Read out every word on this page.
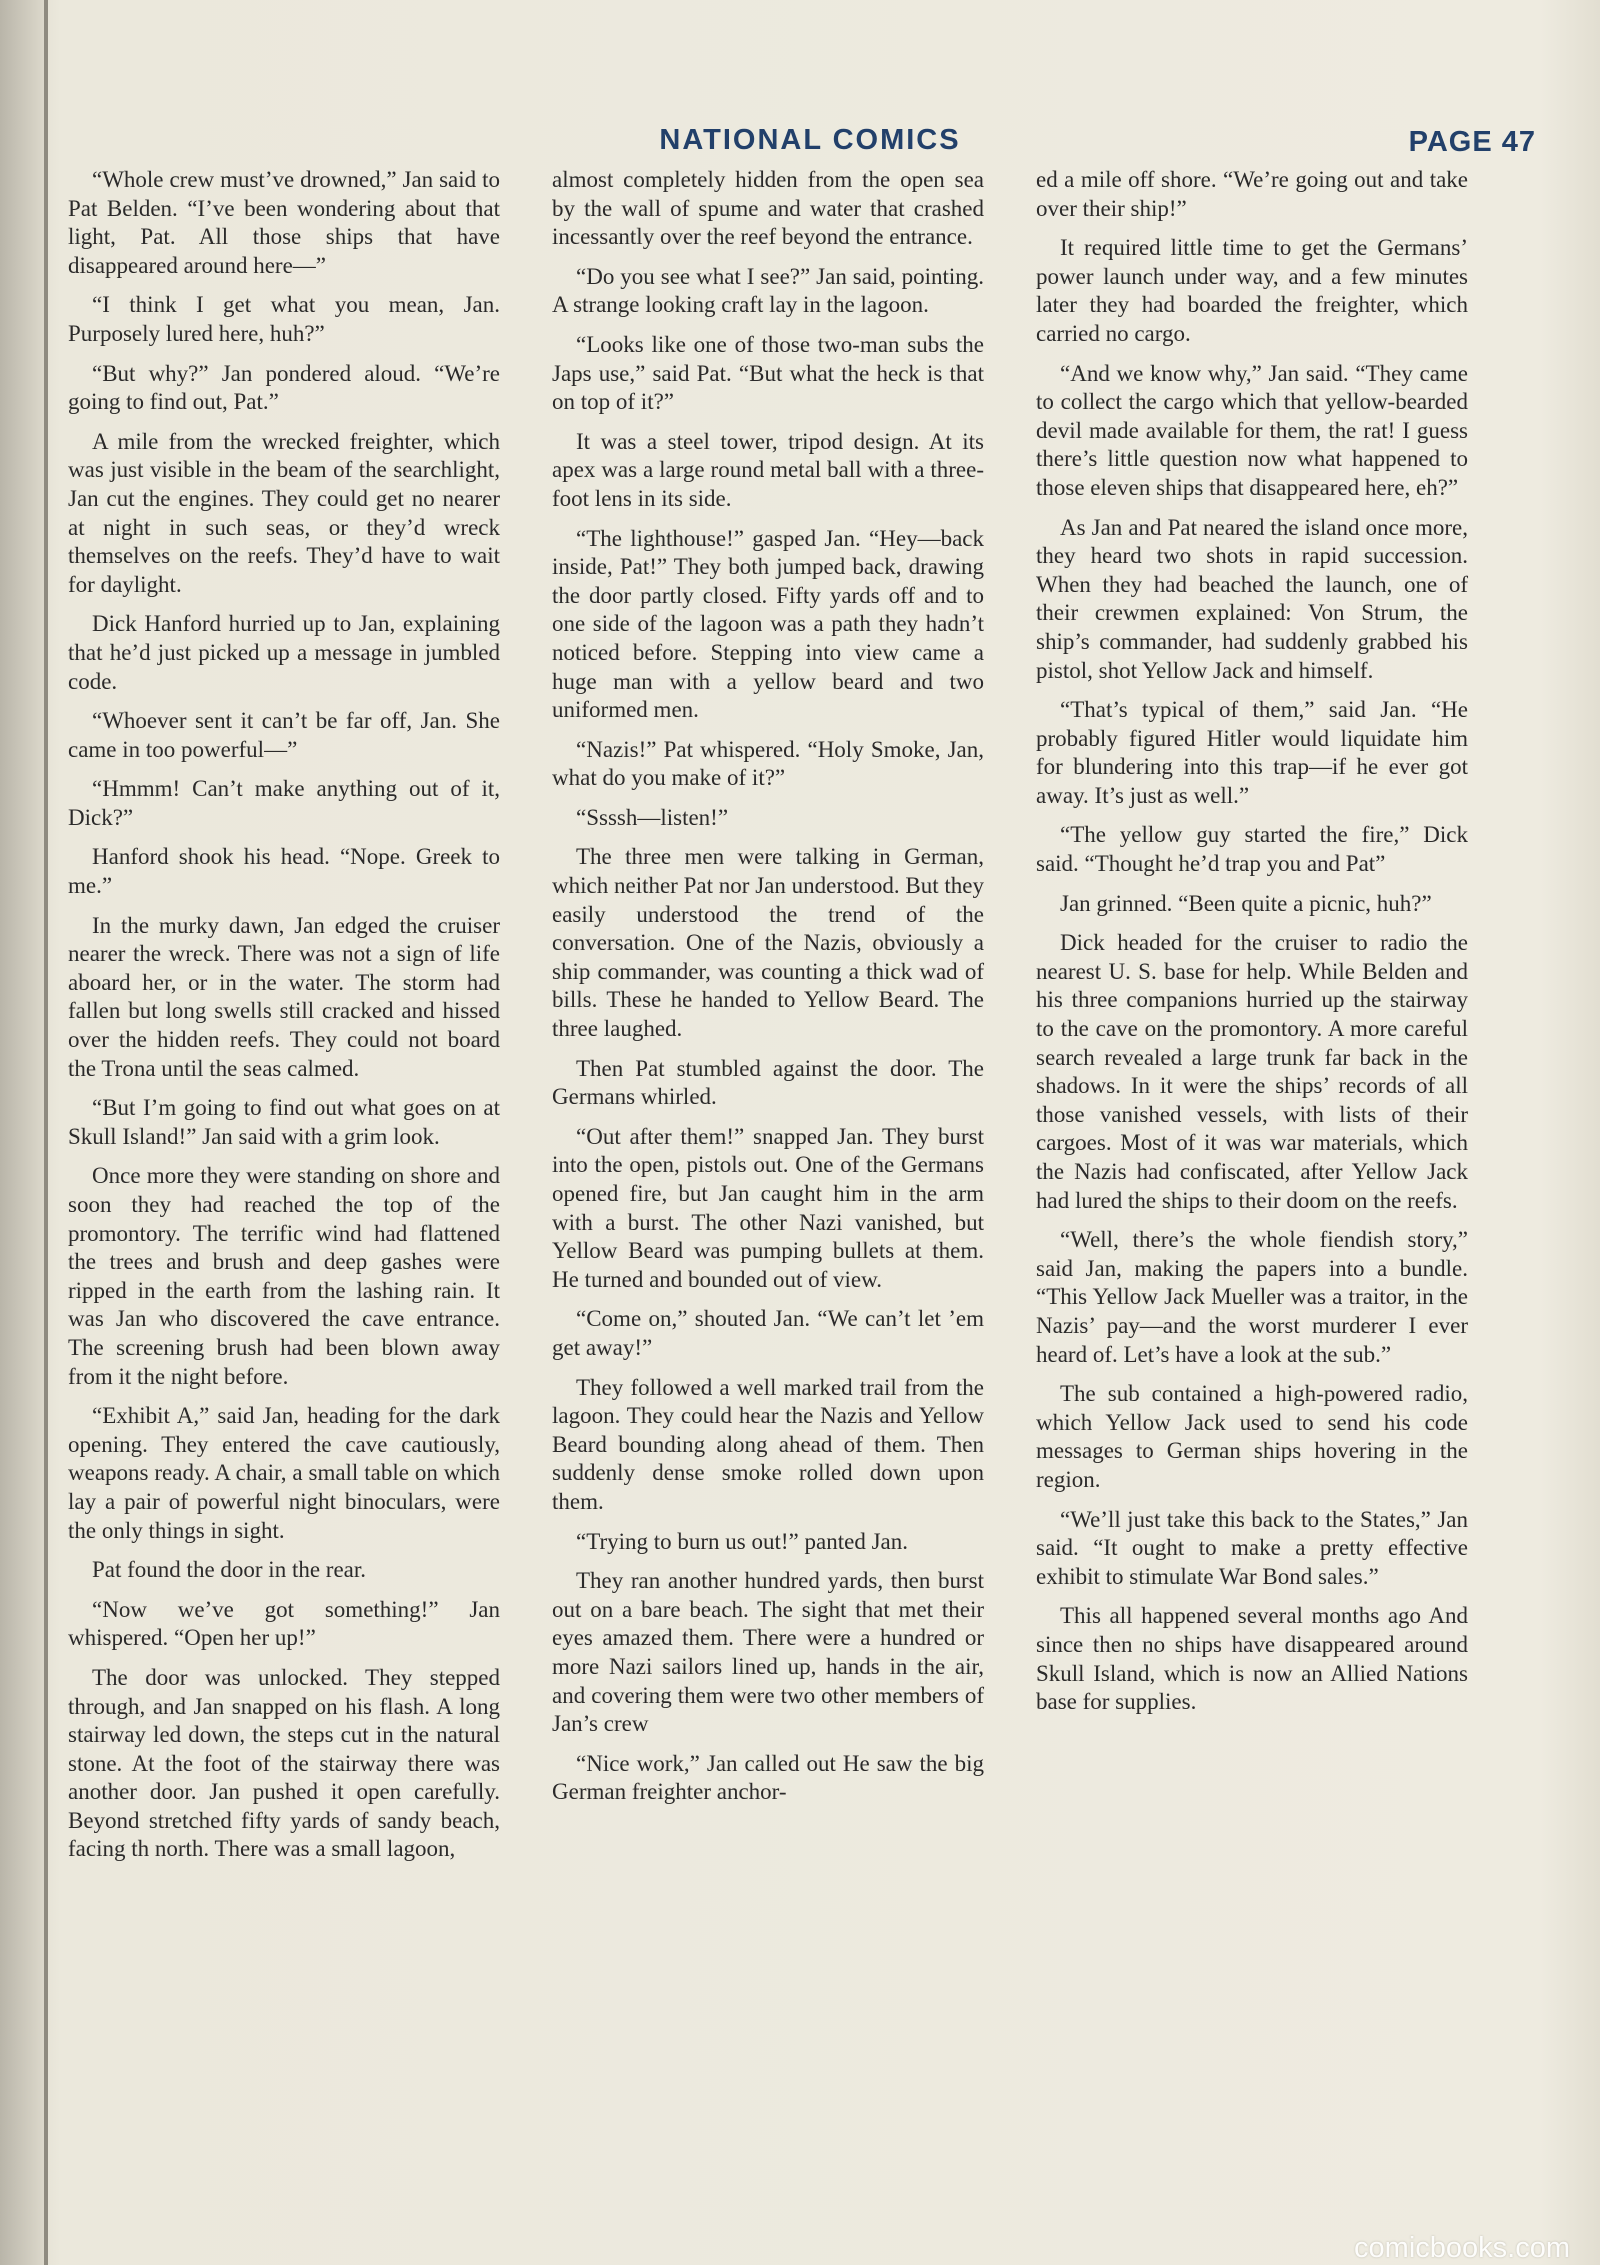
NATIONAL COMICS	PAGE 47

“Whole crew must’ve drowned,” Jan said to Pat Belden. “I’ve been wondering about that light, Pat. All those ships that have disappeared around here—”

“I think I get what you mean, Jan. Purposely lured here, huh?”

“But why?” Jan pondered aloud. “We’re going to find out, Pat.”

A mile from the wrecked freighter, which was just visible in the beam of the searchlight, Jan cut the engines. They could get no nearer at night in such seas, or they’d wreck themselves on the reefs. They’d have to wait for daylight.

Dick Hanford hurried up to Jan, explaining that he’d just picked up a message in jumbled code.

“Whoever sent it can’t be far off, Jan. She came in too powerful—”

“Hmmm! Can’t make anything out of it, Dick?”

Hanford shook his head. “Nope. Greek to me.”

In the murky dawn, Jan edged the cruiser nearer the wreck. There was not a sign of life aboard her, or in the water. The storm had fallen but long swells still cracked and hissed over the hidden reefs. They could not board the Trona until the seas calmed.

“But I’m going to find out what goes on at Skull Island!” Jan said with a grim look.

Once more they were standing on shore and soon they had reached the top of the promontory. The terrific wind had flattened the trees and brush and deep gashes were ripped in the earth from the lashing rain. It was Jan who discovered the cave entrance. The screening brush had been blown away from it the night before.

“Exhibit A,” said Jan, heading for the dark opening. They entered the cave cautiously, weapons ready. A chair, a small table on which lay a pair of powerful night binoculars, were the only things in sight.

Pat found the door in the rear.

“Now we’ve got something!” Jan whispered. “Open her up!”

The door was unlocked. They stepped through, and Jan snapped on his flash. A long stairway led down, the steps cut in the natural stone. At the foot of the stairway there was another door. Jan pushed it open carefully. Beyond stretched fifty yards of sandy beach, facing th north. There was a small lagoon,

almost completely hidden from the open sea by the wall of spume and water that crashed incessantly over the reef beyond the entrance.

“Do you see what I see?” Jan said, pointing. A strange looking craft lay in the lagoon.

“Looks like one of those two-man subs the Japs use,” said Pat. “But what the heck is that on top of it?”

It was a steel tower, tripod design. At its apex was a large round metal ball with a three-foot lens in its side.

“The lighthouse!” gasped Jan. “Hey—back inside, Pat!” They both jumped back, drawing the door partly closed. Fifty yards off and to one side of the lagoon was a path they hadn’t noticed before. Stepping into view came a huge man with a yellow beard and two uniformed men.

“Nazis!” Pat whispered. “Holy Smoke, Jan, what do you make of it?”

“Ssssh—listen!”

The three men were talking in German, which neither Pat nor Jan understood. But they easily understood the trend of the conversation. One of the Nazis, obviously a ship commander, was counting a thick wad of bills. These he handed to Yellow Beard. The three laughed.

Then Pat stumbled against the door. The Germans whirled.

“Out after them!” snapped Jan. They burst into the open, pistols out. One of the Germans opened fire, but Jan caught him in the arm with a burst. The other Nazi vanished, but Yellow Beard was pumping bullets at them. He turned and bounded out of view.

“Come on,” shouted Jan. “We can’t let ’em get away!”

They followed a well marked trail from the lagoon. They could hear the Nazis and Yellow Beard bounding along ahead of them. Then suddenly dense smoke rolled down upon them.

“Trying to burn us out!” panted Jan.

They ran another hundred yards, then burst out on a bare beach. The sight that met their eyes amazed them. There were a hundred or more Nazi sailors lined up, hands in the air, and covering them were two other members of Jan’s crew

“Nice work,” Jan called out He saw the big German freighter anchor-

ed a mile off shore. “We’re going out and take over their ship!”

It required little time to get the Germans’ power launch under way, and a few minutes later they had boarded the freighter, which carried no cargo.

“And we know why,” Jan said. “They came to collect the cargo which that yellow-bearded devil made available for them, the rat! I guess there’s little question now what happened to those eleven ships that disappeared here, eh?”

As Jan and Pat neared the island once more, they heard two shots in rapid succession. When they had beached the launch, one of their crewmen explained: Von Strum, the ship’s commander, had suddenly grabbed his pistol, shot Yellow Jack and himself.

“That’s typical of them,” said Jan. “He probably figured Hitler would liquidate him for blundering into this trap—if he ever got away. It’s just as well.”

“The yellow guy started the fire,” Dick said. “Thought he’d trap you and Pat”

Jan grinned. “Been quite a picnic, huh?”

Dick headed for the cruiser to radio the nearest U. S. base for help. While Belden and his three companions hurried up the stairway to the cave on the promontory. A more careful search revealed a large trunk far back in the shadows. In it were the ships’ records of all those vanished vessels, with lists of their cargoes. Most of it was war materials, which the Nazis had confiscated, after Yellow Jack had lured the ships to their doom on the reefs.

“Well, there’s the whole fiendish story,” said Jan, making the papers into a bundle. “This Yellow Jack Mueller was a traitor, in the Nazis’ pay—and the worst murderer I ever heard of. Let’s have a look at the sub.”

The sub contained a high-powered radio, which Yellow Jack used to send his code messages to German ships hovering in the region.

“We’ll just take this back to the States,” Jan said. “It ought to make a pretty effective exhibit to stimulate War Bond sales.”

This all happened several months ago And since then no ships have disappeared around Skull Island, which is now an Allied Nations base for supplies.

comicbooks.com
